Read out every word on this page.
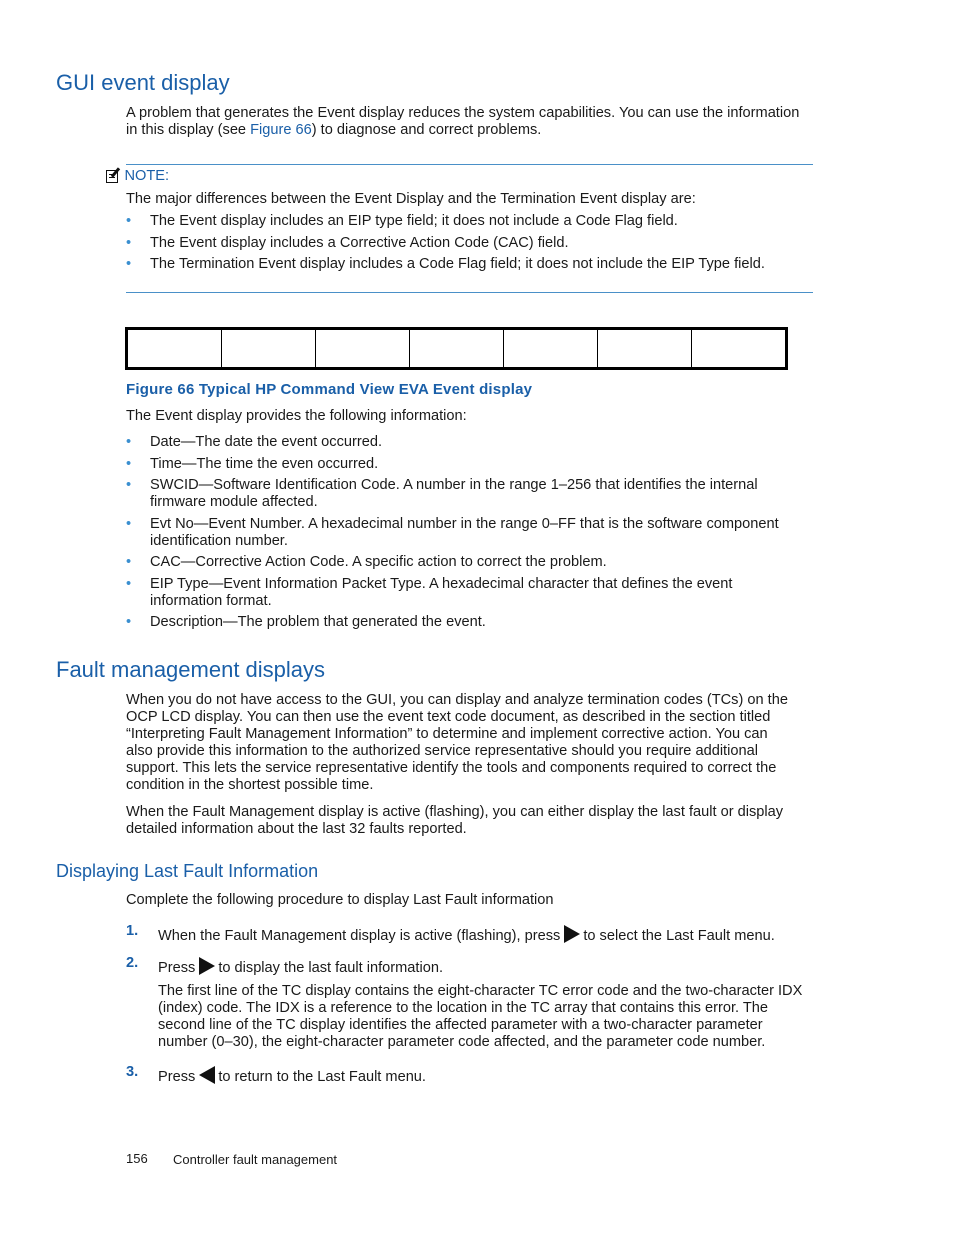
GUI event display
A problem that generates the Event display reduces the system capabilities. You can use the information
in this display (see Figure 66) to diagnose and correct problems.
NOTE:
The major differences between the Event Display and the Termination Event display are:
• The Event display includes an EIP type field; it does not include a Code Flag field.
• The Event display includes a Corrective Action Code (CAC) field.
• The Termination Event display includes a Code Flag field; it does not include the EIP Type field.

Figure 66 Typical HP Command View EVA Event display
The Event display provides the following information:
• Date—The date the event occurred.
• Time—The time the even occurred.
• SWCID—Software Identification Code. A number in the range 1–256 that identifies the internal
firmware module affected.
• Evt No—Event Number. A hexadecimal number in the range 0–FF that is the software component
identification number.
• CAC—Corrective Action Code. A specific action to correct the problem.
• EIP Type—Event Information Packet Type. A hexadecimal character that defines the event
information format.
• Description—The problem that generated the event.
Fault management displays
When you do not have access to the GUI, you can display and analyze termination codes (TCs) on the
OCP LCD display. You can then use the event text code document, as described in the section titled
“Interpreting Fault Management Information” to determine and implement corrective action. You can
also provide this information to the authorized service representative should you require additional
support. This lets the service representative identify the tools and components required to correct the
condition in the shortest possible time.
When the Fault Management display is active (flashing), you can either display the last fault or display
detailed information about the last 32 faults reported.
Displaying Last Fault Information
Complete the following procedure to display Last Fault information
1. When the Fault Management display is active (flashing), press to select the Last Fault menu.
2. Press to display the last fault information.
The first line of the TC display contains the eight-character TC error code and the two-character IDX
(index) code. The IDX is a reference to the location in the TC array that contains this error. The
second line of the TC display identifies the affected parameter with a two-character parameter
number (0–30), the eight-character parameter code affected, and the parameter code number.
3. Press to return to the Last Fault menu.
156 Controller fault management
